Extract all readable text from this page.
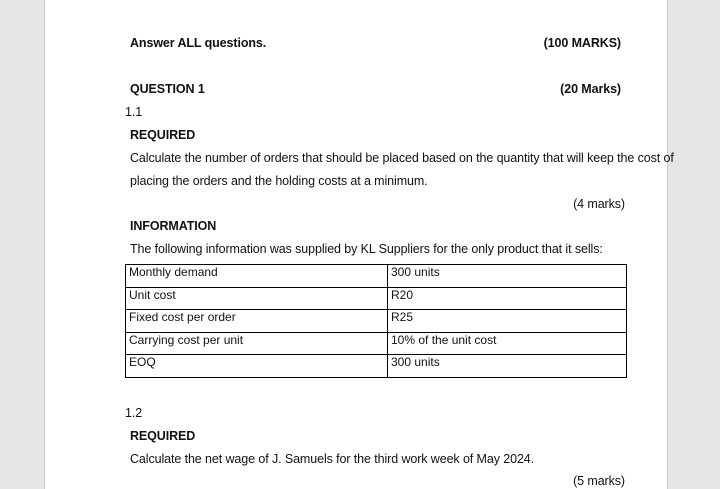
Answer ALL questions.	(100 MARKS)
QUESTION 1	(20 Marks)
1.1
REQUIRED
Calculate the number of orders that should be placed based on the quantity that will keep the cost of
placing the orders and the holding costs at a minimum.
(4 marks)
INFORMATION
The following information was supplied by KL Suppliers for the only product that it sells:
Monthly demand	300 units
Unit cost	R20
Fixed cost per order	R25
Carrying cost per unit	10% of the unit cost
EOQ	300 units
1.2
REQUIRED
Calculate the net wage of J. Samuels for the third work week of May 2024.
(5 marks)
